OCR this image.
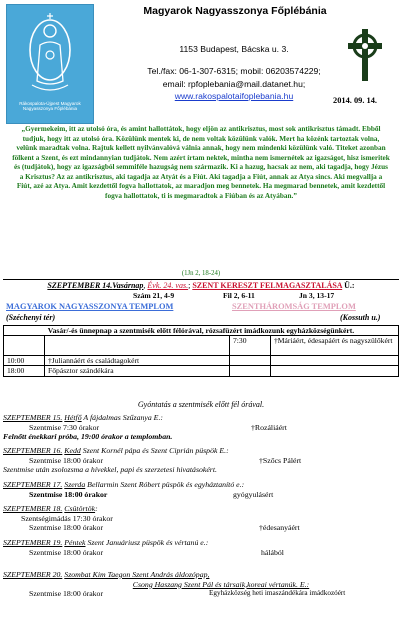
Rákospalota-Újpest Magyarok Nagyasszonya Főplébánia
Magyarok Nagyasszonya Főplébánia
1153 Budapest, Bácska u. 3.
Tel./fax: 06-1-307-6315; mobil: 06203574229;
email: rpfoplebania@mail.datanet.hu;
www.rakospalotaifoplebania.hu	2014. 09. 14.
„Gyermekeim, itt az utolsó óra, és amint hallottátok, hogy eljön az antikrisztus, most sok antikrisztus támadt. Ebből tudjuk, hogy itt az utolsó óra. Közülünk mentek ki, de nem voltak közülünk valók. Mert ha közénk tartoztak volna, velünk maradtak volna. Rajtuk kellett nyilvánvalóvá válnia annak, hogy nem mindenki közülünk való. Titeket azonban fölkent a Szent, és ezt mindannyian tudjátok. Nem azért írtam nektek, mintha nem ismernétek az igazságot, hisz ismeritek és (tudjátok), hogy az igazságból semmiféle hazugság nem származik. Ki a hazug, hacsak az nem, aki tagadja, hogy Jézus a Krisztus? Az az antikrisztus, aki tagadja az Atyát és a Fiút. Aki tagadja a Fiút, annak az Atya sincs. Aki megvallja a Fiút, azé az Atya. Amit kezdettől fogva hallottatok, az maradjon meg bennetek. Ha megmarad bennetek, amit kezdettől fogva hallottatok, ti is megmaradtok a Fiúban és az Atyában.”
(1Jn 2, 18-24)
SZEPTEMBER 14.Vasárnap, Évk. 24. vas.; SZENT KERESZT FELMAGASZTALÁSA Ü.:
Szám 21, 4-9	Fil 2, 6-11	Jn 3, 13-17
MAGYAROK NAGYASSZONYA TEMPLOM	SZENTHÁROMSÁG TEMPLOM
(Széchenyi tér)	(Kossuth u.)
Vasár/-és ünnepnap a szentmisék előtt félórával, rózsafüzért imádkozunk egyházközségünkért.			
		7:30	†Máriáért, édesapáért és nagyszülőkért
10:00	†Juliannáért és családtagokért		
18:00	Főpásztor szándékára		
Gyóntatás a szentmisék előtt fél órával.
SZEPTEMBER 15. Hétfő A fájdalmas Szűzanya E.:
Szentmise 7:30 órakor	†Rozáliáért
Felnőtt énekkari próba, 19:00 órakor a templomban.
SZEPTEMBER 16. Kedd Szent Kornél pápa és Szent Ciprián püspök E.:
Szentmise 18:00 órakor	†Szőcs Pálért
Szentmise után zsolozsma a hívekkel, papi és szerzetesi hivatásokért.
SZEPTEMBER 17. Szerda Bellarmin Szent Róbert püspök és egyháztanító e.:
Szentmise 18:00 órakor	gyógyulásért
SZEPTEMBER 18. Csütörtök:
Szentségimádás 17:30 órakor
Szentmise 18:00 órakor	†édesanyáért
SZEPTEMBER 19. Péntek Szent Januáriusz püspök és vértanú e.:
Szentmise 18:00 órakor	hálából
SZEPTEMBER 20. Szombat Kim Taegon Szent András áldozópap,
Csong Haszang Szent Pál és társaik,koreai vértanúk. E.:
Szentmise 18:00 órakor	Egyházközség heti imaszándékára imádkozóért
